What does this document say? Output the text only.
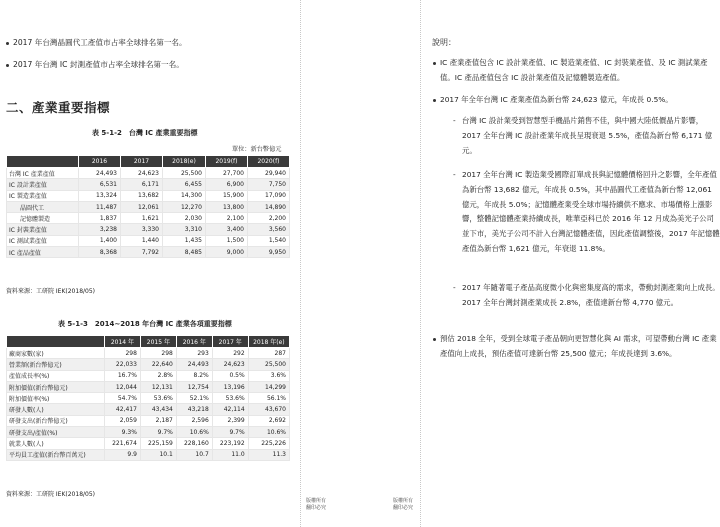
2017 年台灣晶圓代工產值市占率全球排名第一名。
2017 年台灣 IC 封測產值市占率全球排名第一名。
二、產業重要指標
表 5-1-2　台灣 IC 產業重要指標
單位：新台幣億元
	2016	2017	2018(e)	2019(f)	2020(f)
台灣 IC 產業產值	24,493	24,623	25,500	27,700	29,940
IC 設計業產值	6,531	6,171	6,455	6,900	7,750
IC 製造業產值	13,324	13,682	14,300	15,900	17,090
晶圓代工	11,487	12,061	12,270	13,800	14,890
記憶體製造	1,837	1,621	2,030	2,100	2,200
IC 封裝業產值	3,238	3,330	3,310	3,400	3,560
IC 測試業產值	1,400	1,440	1,435	1,500	1,540
IC 產品產值	8,368	7,792	8,485	9,000	9,950
資料來源：工研院 IEK(2018/05)
表 5-1-3　2014~2018 年台灣 IC 產業各項重要指標
	2014 年	2015 年	2016 年	2017 年	2018 年(e)
廠商家數(家)	298	298	293	292	287
營業額(新台幣億元)	22,033	22,640	24,493	24,623	25,500
產值成長率(%)	16.7%	2.8%	8.2%	0.5%	3.6%
附加價值(新台幣億元)	12,044	12,131	12,754	13,196	14,299
附加價值率(%)	54.7%	53.6%	52.1%	53.6%	56.1%
研發人數(人)	42,417	43,434	43,218	42,114	43,670
研發支出(新台幣億元)	2,059	2,187	2,596	2,399	2,692
研發支出/產值(%)	9.3%	9.7%	10.6%	9.7%	10.6%
就業人數(人)	221,674	225,159	228,160	223,192	225,226
平均員工產值(新台幣百萬元)	9.9	10.1	10.7	11.0	11.3
資料來源：工研院 IEK(2018/05)
版權所有
翻印必究
版權所有
翻印必究
說明：
IC 產業產值包含 IC 設計業產值、IC 製造業產值、IC 封裝業產值、及 IC 測試業產值。IC 產品產值包含 IC 設計業產值及記憶體製造產值。
2017 年全年台灣 IC 產業產值為新台幣 24,623 億元，年成長 0.5%。
- 台灣 IC 設計業受到智慧型手機晶片銷售不佳，與中國大陸低價晶片影響，2017 全年台灣 IC 設計產業年成長呈現衰退 5.5%，產值為新台幣 6,171 億元。
- 2017 全年台灣 IC 製造業受國際訂單成長與記憶體價格回升之影響，全年產值為新台幣 13,682 億元，年成長 0.5%，其中晶圓代工產值為新台幣 12,061 億元，年成長 5.0%；記憶體產業受全球市場持續供不應求、市場價格上漲影響，整體記憶體產業持續成長，唯華亞科已於 2016 年 12 月成為美光子公司並下市，美光子公司不計入台灣記憶體產值，因此產值調整後，2017 年記憶體產值為新台幣 1,621 億元，年衰退 11.8%。
- 2017 年隨著電子產品高度微小化與密集度高的需求，帶動封測產業向上成長。2017 全年台灣封測產業成長 2.8%，產值達新台幣 4,770 億元。
預估 2018 全年，受到全球電子產品朝向更智慧化與 AI 需求，可望帶動台灣 IC 產業產值向上成長，預估產值可達新台幣 25,500 億元；年成長達到 3.6%。
